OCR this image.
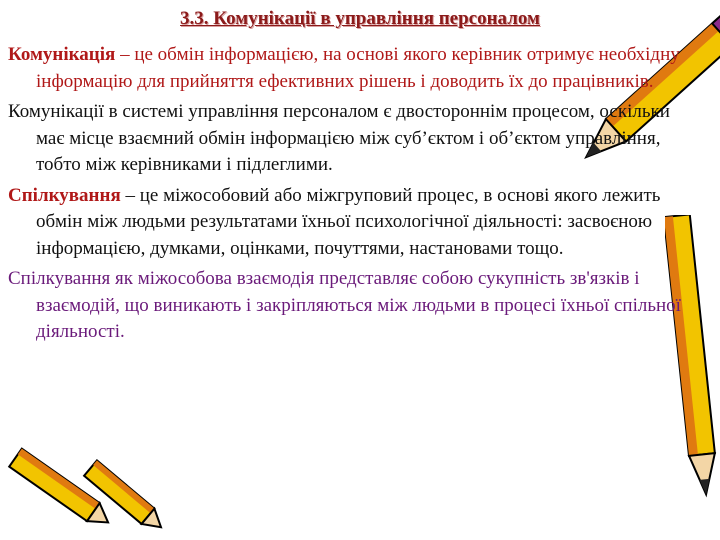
3.3. Комунікації в управління персоналом

Комунікація – це обмін інформацією, на основі якого керівник отримує необхідну інформацію для прийняття ефективних рішень і доводить їх до працівників.

Комунікації в системі управління персоналом є двостороннім процесом, оскільки має місце взаємний обмін інформацією між суб’єктом і об’єктом управління, тобто між керівниками і підлеглими.

Спілкування – це міжособовий або міжгруповий процес, в основі якого лежить обмін між людьми результатами їхньої психологічної діяльності: засвоєною інформацією, думками, оцінками, почуттями, настановами тощо.

Спілкування як міжособова взаємодія представляє собою сукупність зв'язків і взаємодій, що виникають і закріпляються між людьми в процесі їхньої спільної діяльності.
